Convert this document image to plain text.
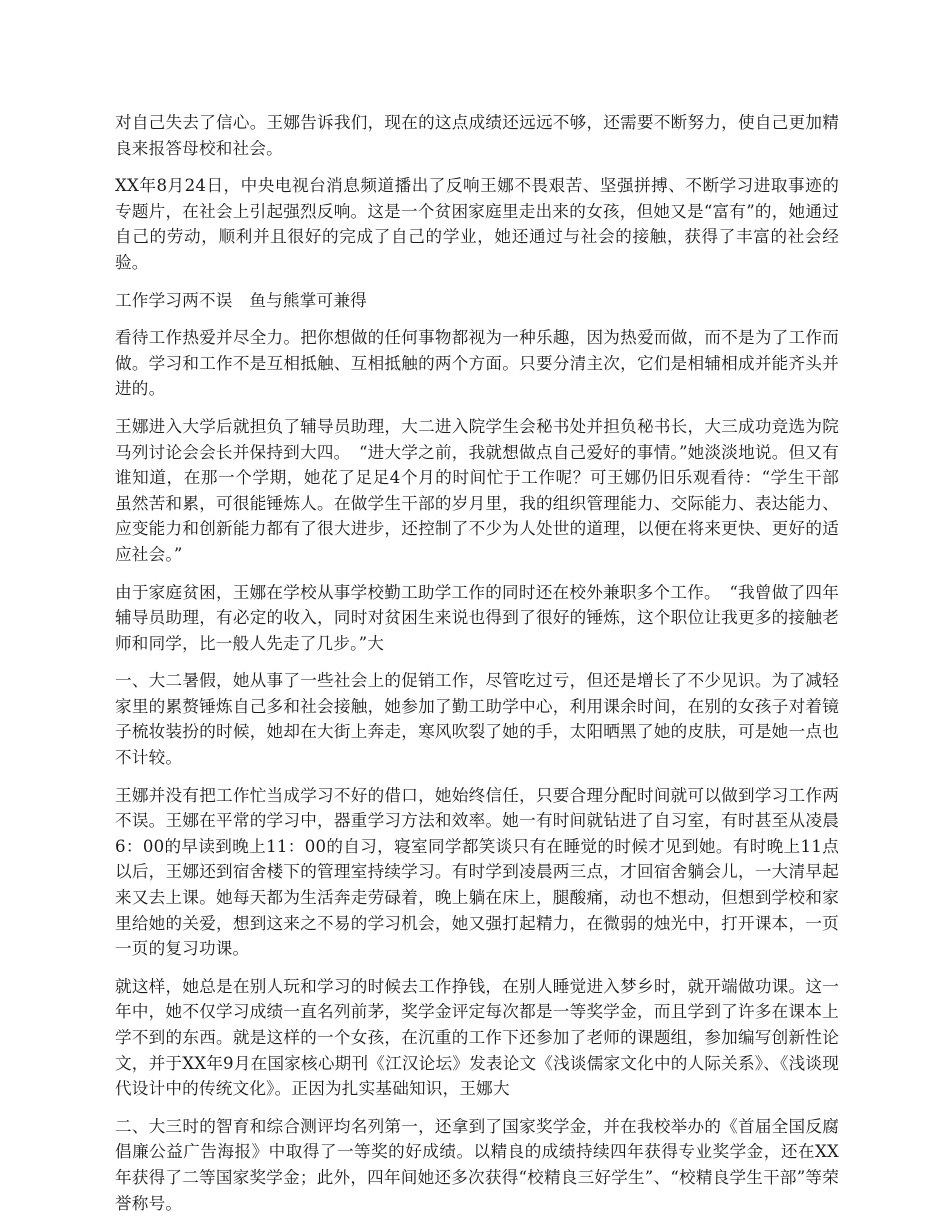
对自己失去了信心。王娜告诉我们，现在的这点成绩还远远不够，还需要不断努力，使自己更加精良来报答母校和社会。

XX年8月24日，中央电视台消息频道播出了反响王娜不畏艰苦、坚强拼搏、不断学习进取事迹的专题片，在社会上引起强烈反响。这是一个贫困家庭里走出来的女孩，但她又是“富有”的，她通过自己的劳动，顺利并且很好的完成了自己的学业，她还通过与社会的接触，获得了丰富的社会经验。

工作学习两不误　鱼与熊掌可兼得

看待工作热爱并尽全力。把你想做的任何事物都视为一种乐趣，因为热爱而做，而不是为了工作而做。学习和工作不是互相抵触、互相抵触的两个方面。只要分清主次，它们是相辅相成并能齐头并进的。

王娜进入大学后就担负了辅导员助理，大二进入院学生会秘书处并担负秘书长，大三成功竞选为院马列讨论会会长并保持到大四。　“进大学之前，我就想做点自己爱好的事情。”她淡淡地说。但又有谁知道，在那一个学期，她花了足足4个月的时间忙于工作呢？可王娜仍旧乐观看待：“学生干部虽然苦和累，可很能锤炼人。在做学生干部的岁月里，我的组织管理能力、交际能力、表达能力、应变能力和创新能力都有了很大进步，还控制了不少为人处世的道理，以便在将来更快、更好的适应社会。”

由于家庭贫困，王娜在学校从事学校勤工助学工作的同时还在校外兼职多个工作。　“我曾做了四年辅导员助理，有必定的收入，同时对贫困生来说也得到了很好的锤炼，这个职位让我更多的接触老师和同学，比一般人先走了几步。”大

一、大二暑假，她从事了一些社会上的促销工作，尽管吃过亏，但还是增长了不少见识。为了减轻家里的累赘锤炼自己多和社会接触，她参加了勤工助学中心，利用课余时间，在别的女孩子对着镜子梳妆装扮的时候，她却在大街上奔走，寒风吹裂了她的手，太阳晒黑了她的皮肤，可是她一点也不计较。

王娜并没有把工作忙当成学习不好的借口，她始终信任，只要合理分配时间就可以做到学习工作两不误。王娜在平常的学习中，器重学习方法和效率。她一有时间就钻进了自习室，有时甚至从凌晨6：00的早读到晚上11：00的自习，寝室同学都笑谈只有在睡觉的时候才见到她。有时晚上11点以后，王娜还到宿舍楼下的管理室持续学习。有时学到凌晨两三点，才回宿舍躺会儿，一大清早起来又去上课。她每天都为生活奔走劳碌着，晚上躺在床上，腿酸痛，动也不想动，但想到学校和家里给她的关爱，想到这来之不易的学习机会，她又强打起精力，在微弱的烛光中，打开课本，一页一页的复习功课。

就这样，她总是在别人玩和学习的时候去工作挣钱，在别人睡觉进入梦乡时，就开端做功课。这一年中，她不仅学习成绩一直名列前茅，奖学金评定每次都是一等奖学金，而且学到了许多在课本上学不到的东西。就是这样的一个女孩，在沉重的工作下还参加了老师的课题组，参加编写创新性论文，并于XX年9月在国家核心期刊《江汉论坛》发表论文《浅谈儒家文化中的人际关系》、《浅谈现代设计中的传统文化》。正因为扎实基础知识，王娜大

二、大三时的智育和综合测评均名列第一，还拿到了国家奖学金，并在我校举办的《首届全国反腐倡廉公益广告海报》中取得了一等奖的好成绩。以精良的成绩持续四年获得专业奖学金，还在XX年获得了二等国家奖学金；此外，四年间她还多次获得“校精良三好学生”、“校精良学生干部”等荣誉称号。
